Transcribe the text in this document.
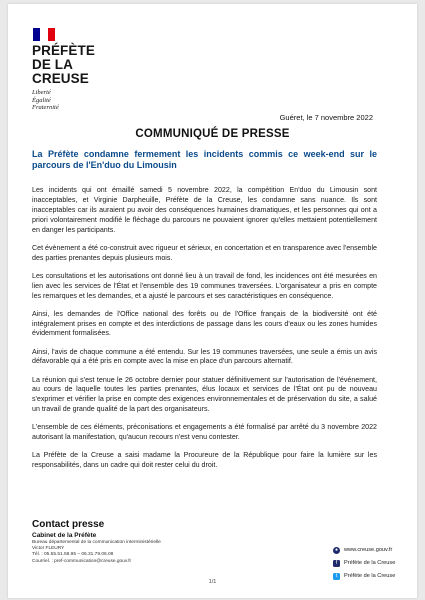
PRÉFÈTE
DE LA CREUSE
Liberté
Égalité
Fraternité
Guéret, le 7 novembre 2022
COMMUNIQUÉ DE PRESSE
La Préfète condamne fermement les incidents commis ce week-end sur le parcours de l'En'duo du Limousin

Les incidents qui ont émaillé samedi 5 novembre 2022, la compétition En'duo du Limousin sont inacceptables, et Virginie Darpheuille, Préfète de la Creuse, les condamne sans nuance. Ils sont inacceptables car ils auraient pu avoir des conséquences humaines dramatiques, et les personnes qui ont a priori volontairement modifié le fléchage du parcours ne pouvaient ignorer qu'elles mettaient potentiellement en danger les participants.

Cet évènement a été co-construit avec rigueur et sérieux, en concertation et en transparence avec l'ensemble des parties prenantes depuis plusieurs mois.

Les consultations et les autorisations ont donné lieu à un travail de fond, les incidences ont été mesurées en lien avec les services de l'État et l'ensemble des 19 communes traversées. L'organisateur a pris en compte les remarques et les demandes, et a ajusté le parcours et ses caractéristiques en conséquence.

Ainsi, les demandes de l'Office national des forêts ou de l'Office français de la biodiversité ont été intégralement prises en compte et des interdictions de passage dans les cours d'eaux ou les zones humides évidemment formalisées.

Ainsi, l'avis de chaque commune a été entendu. Sur les 19 communes traversées, une seule a émis un avis défavorable qui a été pris en compte avec la mise en place d'un parcours alternatif.

La réunion qui s'est tenue le 26 octobre dernier pour statuer définitivement sur l'autorisation de l'événement, au cours de laquelle toutes les parties prenantes, élus locaux et services de l'État ont pu de nouveau s'exprimer et vérifier la prise en compte des exigences environnementales et de préservation du site, a salué un travail de grande qualité de la part des organisateurs.

L'ensemble de ces éléments, préconisations et engagements a été formalisé par arrêté du 3 novembre 2022 autorisant la manifestation, qu'aucun recours n'est venu contester.

La Préfète de la Creuse a saisi madame la Procureure de la République pour faire la lumière sur les responsabilités, dans un cadre qui doit rester celui du droit.

Contact presse
Cabinet de la Préfète
Bureau départemental de la communication interministérielle
Victor FLEURY
Tél. : 05.55.51.58.95 – 06.31.79.06.08
Courriel. : pref-communication@creuse.gouv.fr
●	www.creuse.gouv.fr
f	Préfète de la Creuse
t	Préfète de la Creuse
1/1
